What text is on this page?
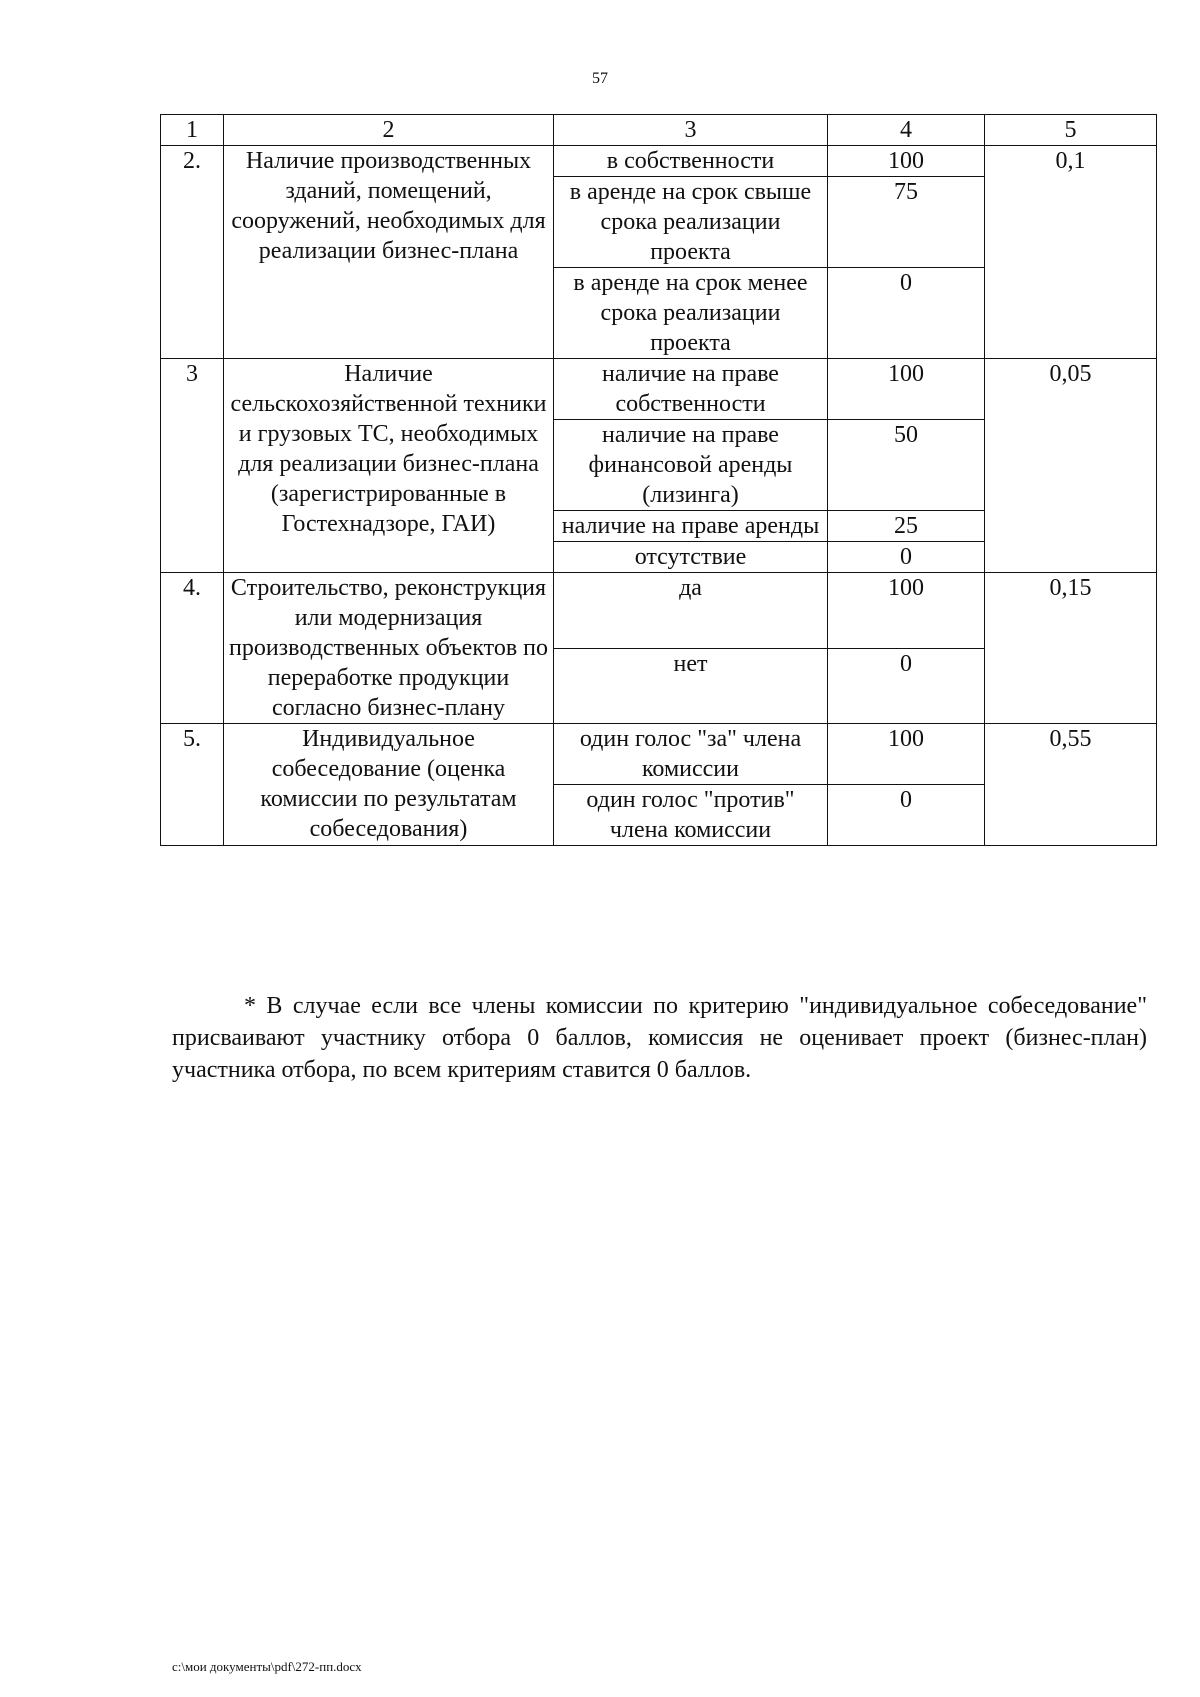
57
1	2	3	4	5
2.	Наличие производственных зданий, помещений, сооружений, необходимых для реализации бизнес-плана	в собственности	100	0,1
		в аренде на срок свыше срока реализации проекта	75	
		в аренде на срок менее срока реализации проекта	0	
3	Наличие сельскохозяйственной техники и грузовых ТС, необходимых для реализации бизнес-плана (зарегистрированные в Гостехнадзоре, ГАИ)	наличие на праве собственности	100	0,05
		наличие на праве финансовой аренды (лизинга)	50	
		наличие на праве аренды	25	
		отсутствие	0	
4.	Строительство, реконструкция или модернизация производственных объектов по переработке продукции согласно бизнес-плану	да	100	0,15
		нет	0	
5.	Индивидуальное собеседование (оценка комиссии по результатам собеседования)	один голос "за" члена комиссии	100	0,55
		один голос "против" члена комиссии	0	
* В случае если все члены комиссии по критерию "индивидуальное собеседование" присваивают участнику отбора 0 баллов, комиссия не оценивает проект (бизнес-план) участника отбора, по всем критериям ставится 0 баллов.
c:\мои документы\pdf\272-пп.docx
